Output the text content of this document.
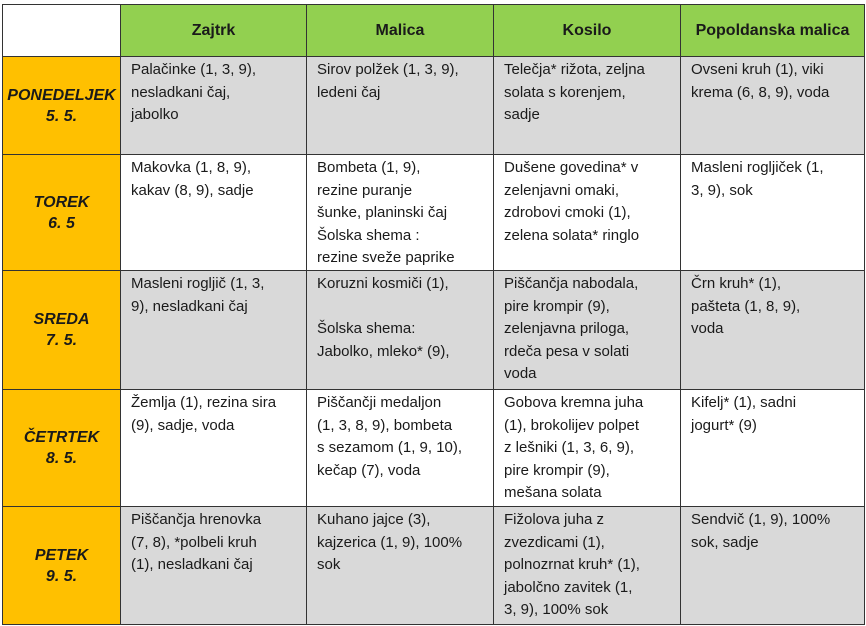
	Zajtrk	Malica	Kosilo	Popoldanska malica

PONEDELJEK
5. 5.	Palačinke (1, 3, 9),
nesladkani čaj,
jabolko	Sirov polžek (1, 3, 9),
ledeni čaj	Telečja* rižota, zeljna
solata s korenjem,
sadje	Ovseni kruh (1), viki
krema (6, 8, 9), voda

TOREK
6. 5	Makovka (1, 8, 9),
kakav (8, 9), sadje	Bombeta (1, 9),
rezine puranje
šunke, planinski čaj
Šolska shema :
rezine sveže paprike	Dušene govedina* v
zelenjavni omaki,
zdrobovi cmoki (1),
zelena solata* ringlo	Masleni rogljiček (1,
3, 9), sok

SREDA
7. 5.	Masleni rogljič (1, 3,
9), nesladkani čaj	Koruzni kosmiči (1),

Šolska shema:
Jabolko, mleko* (9),	Piščančja nabodala,
pire krompir (9),
zelenjavna priloga,
rdeča pesa v solati
voda	Črn kruh* (1),
pašteta (1, 8, 9),
voda

ČETRTEK
8. 5.	Žemlja (1), rezina sira
(9), sadje, voda	Piščančji medaljon
(1, 3, 8, 9), bombeta
s sezamom (1, 9, 10),
kečap (7), voda	Gobova kremna juha
(1), brokolijev polpet
z lešniki (1, 3, 6, 9),
pire krompir (9),
mešana solata	Kifelj* (1), sadni
jogurt* (9)

PETEK
9. 5.	Piščančja hrenovka
(7, 8), *polbeli kruh
(1), nesladkani čaj	Kuhano jajce (3),
kajzerica (1, 9), 100%
sok	Fižolova juha z
zvezdicami (1),
polnozrnat kruh* (1),
jabolčno zavitek (1,
3, 9), 100% sok	Sendvič (1, 9), 100%
sok, sadje
